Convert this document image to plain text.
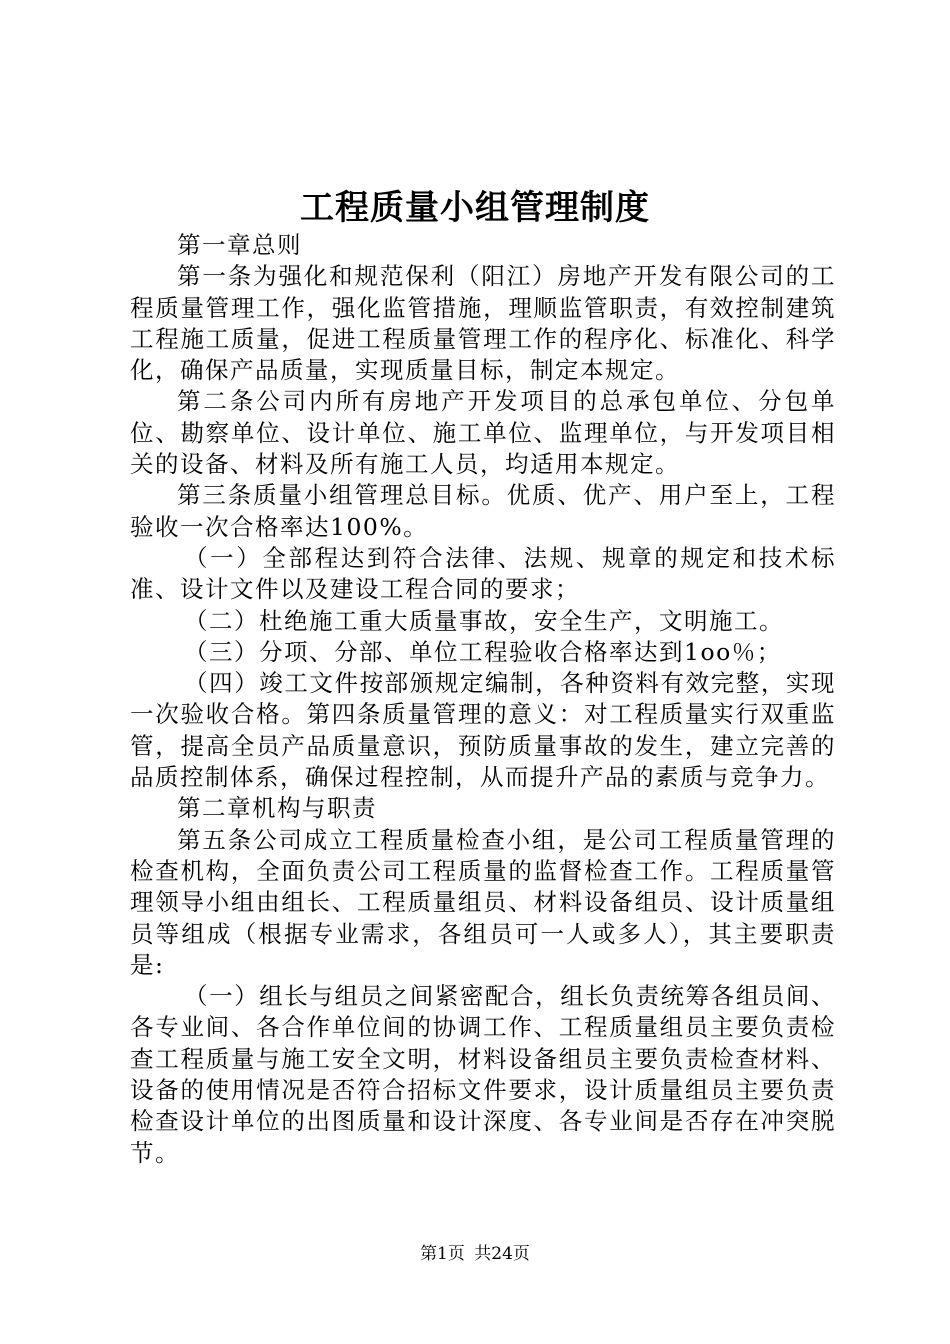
工程质量小组管理制度

第一章总则

第一条为强化和规范保利（阳江）房地产开发有限公司的工程质量管理工作，强化监管措施，理顺监管职责，有效控制建筑工程施工质量，促进工程质量管理工作的程序化、标准化、科学化，确保产品质量，实现质量目标，制定本规定。

第二条公司内所有房地产开发项目的总承包单位、分包单位、勘察单位、设计单位、施工单位、监理单位，与开发项目相关的设备、材料及所有施工人员，均适用本规定。

第三条质量小组管理总目标。优质、优产、用户至上，工程验收一次合格率达100%。

（一）全部程达到符合法律、法规、规章的规定和技术标准、设计文件以及建设工程合同的要求；

（二）杜绝施工重大质量事故，安全生产，文明施工。

（三）分项、分部、单位工程验收合格率达到1oo％；

（四）竣工文件按部颁规定编制，各种资料有效完整，实现一次验收合格。第四条质量管理的意义：对工程质量实行双重监管，提高全员产品质量意识，预防质量事故的发生，建立完善的品质控制体系，确保过程控制，从而提升产品的素质与竞争力。

第二章机构与职责

第五条公司成立工程质量检查小组，是公司工程质量管理的检查机构，全面负责公司工程质量的监督检查工作。工程质量管理领导小组由组长、工程质量组员、材料设备组员、设计质量组员等组成（根据专业需求，各组员可一人或多人），其主要职责是:

（一）组长与组员之间紧密配合，组长负责统筹各组员间、各专业间、各合作单位间的协调工作、工程质量组员主要负责检查工程质量与施工安全文明，材料设备组员主要负责检查材料、设备的使用情况是否符合招标文件要求，设计质量组员主要负责检查设计单位的出图质量和设计深度、各专业间是否存在冲突脱节。

第1页 共24页
